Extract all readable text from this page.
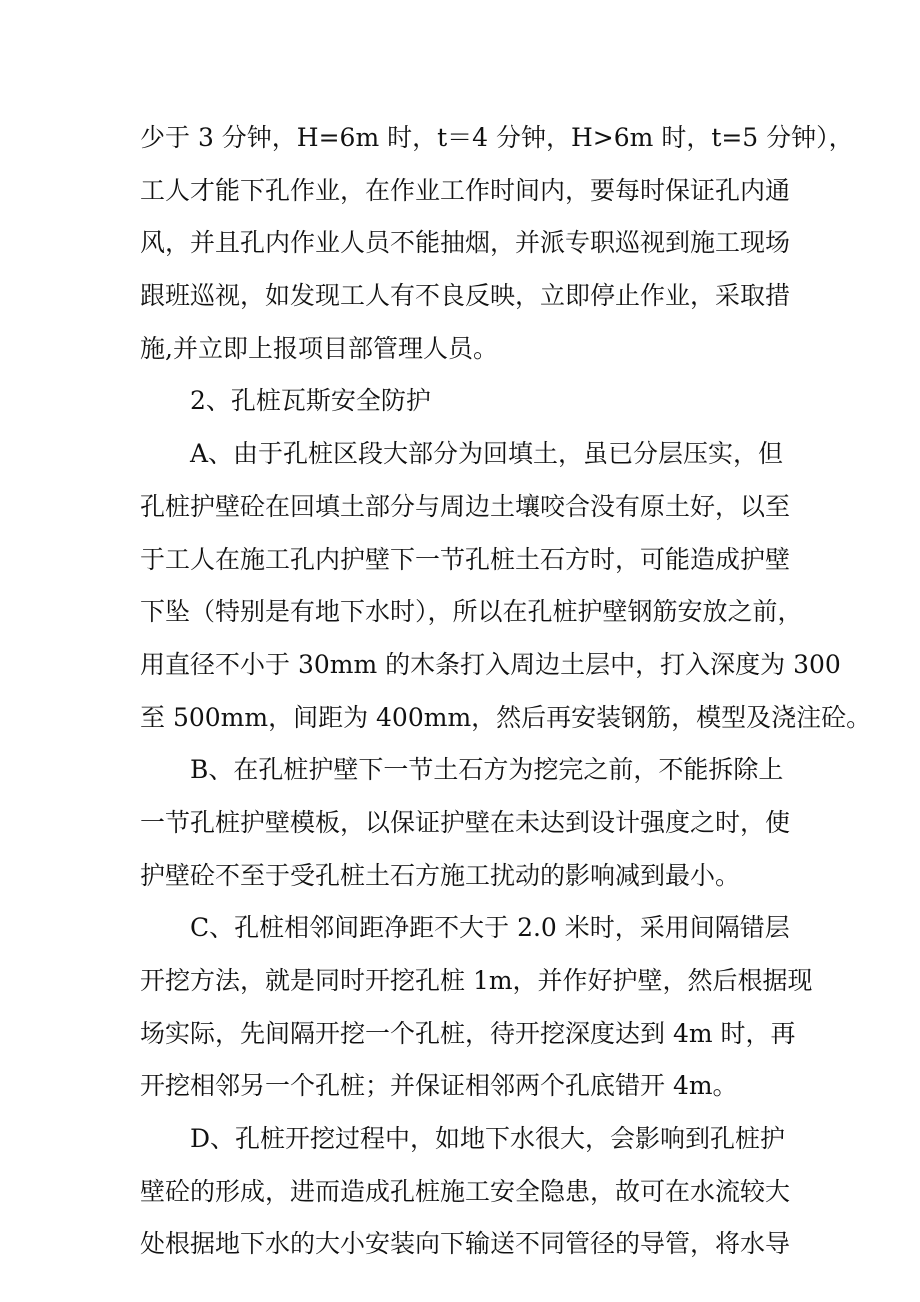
少于 3 分钟，H=6m 时，t＝4 分钟，H>6m 时，t=5 分钟），
工人才能下孔作业，在作业工作时间内，要每时保证孔内通
风，并且孔内作业人员不能抽烟，并派专职巡视到施工现场
跟班巡视，如发现工人有不良反映，立即停止作业，采取措
施,并立即上报项目部管理人员。
2、孔桩瓦斯安全防护
A、由于孔桩区段大部分为回填土，虽已分层压实，但
孔桩护壁砼在回填土部分与周边土壤咬合没有原土好，以至
于工人在施工孔内护壁下一节孔桩土石方时，可能造成护壁
下坠（特别是有地下水时），所以在孔桩护壁钢筋安放之前，
用直径不小于 30mm 的木条打入周边土层中，打入深度为 300
至 500mm，间距为 400mm，然后再安装钢筋，模型及浇注砼。
B、在孔桩护壁下一节土石方为挖完之前，不能拆除上
一节孔桩护壁模板，以保证护壁在未达到设计强度之时，使
护壁砼不至于受孔桩土石方施工扰动的影响减到最小。
C、孔桩相邻间距净距不大于 2.0 米时，采用间隔错层
开挖方法，就是同时开挖孔桩 1m，并作好护壁，然后根据现
场实际，先间隔开挖一个孔桩，待开挖深度达到 4m 时，再
开挖相邻另一个孔桩；并保证相邻两个孔底错开 4m。
D、孔桩开挖过程中，如地下水很大，会影响到孔桩护
壁砼的形成，进而造成孔桩施工安全隐患，故可在水流较大
处根据地下水的大小安装向下输送不同管径的导管，将水导
